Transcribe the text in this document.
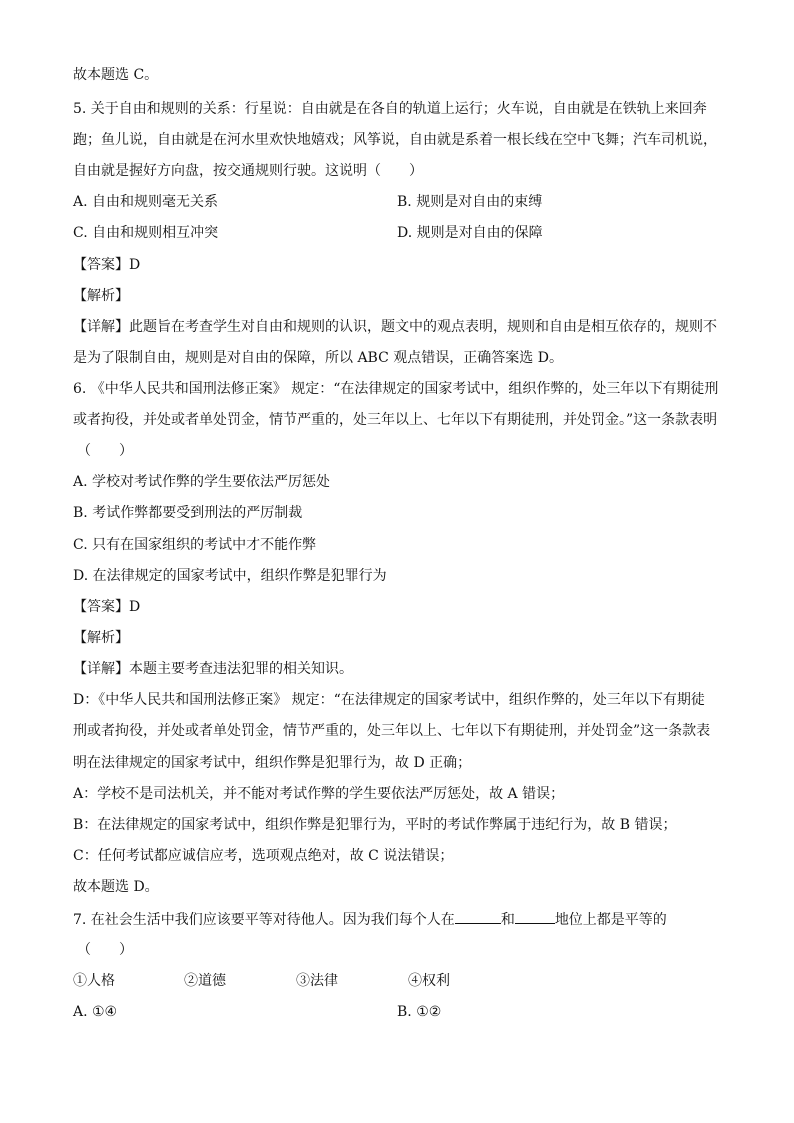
故本题选 C。
5. 关于自由和规则的关系：行星说：自由就是在各自的轨道上运行；火车说，自由就是在铁轨上来回奔
跑；鱼儿说，自由就是在河水里欢快地嬉戏；风筝说，自由就是系着一根长线在空中飞舞；汽车司机说，
自由就是握好方向盘，按交通规则行驶。这说明（　　）
A. 自由和规则毫无关系	B. 规则是对自由的束缚
C. 自由和规则相互冲突	D. 规则是对自由的保障
【答案】D
【解析】
【详解】此题旨在考查学生对自由和规则的认识，题文中的观点表明，规则和自由是相互依存的，规则不
是为了限制自由，规则是对自由的保障，所以 ABC 观点错误，正确答案选 D。
6. 《中华人民共和国刑法修正案》 规定：“在法律规定的国家考试中，组织作弊的，处三年以下有期徒刑
或者拘役，并处或者单处罚金，情节严重的，处三年以上、七年以下有期徒刑，并处罚金。”这一条款表明
（　　）
A. 学校对考试作弊的学生要依法严厉惩处
B. 考试作弊都要受到刑法的严厉制裁
C. 只有在国家组织的考试中才不能作弊
D. 在法律规定的国家考试中，组织作弊是犯罪行为
【答案】D
【解析】
【详解】本题主要考查违法犯罪的相关知识。
D：《中华人民共和国刑法修正案》 规定：“在法律规定的国家考试中，组织作弊的，处三年以下有期徒
刑或者拘役，并处或者单处罚金，情节严重的，处三年以上、七年以下有期徒刑，并处罚金”这一条款表
明在法律规定的国家考试中，组织作弊是犯罪行为，故 D 正确；
A：学校不是司法机关，并不能对考试作弊的学生要依法严厉惩处，故 A 错误；
B：在法律规定的国家考试中，组织作弊是犯罪行为，平时的考试作弊属于违纪行为，故 B 错误；
C：任何考试都应诚信应考，选项观点绝对，故 C 说法错误；
故本题选 D。
7. 在社会生活中我们应该要平等对待他人。因为我们每个人在	和	地位上都是平等的
（　　）
①人格	②道德	③法律	④权利
A. ①④	B. ①②
